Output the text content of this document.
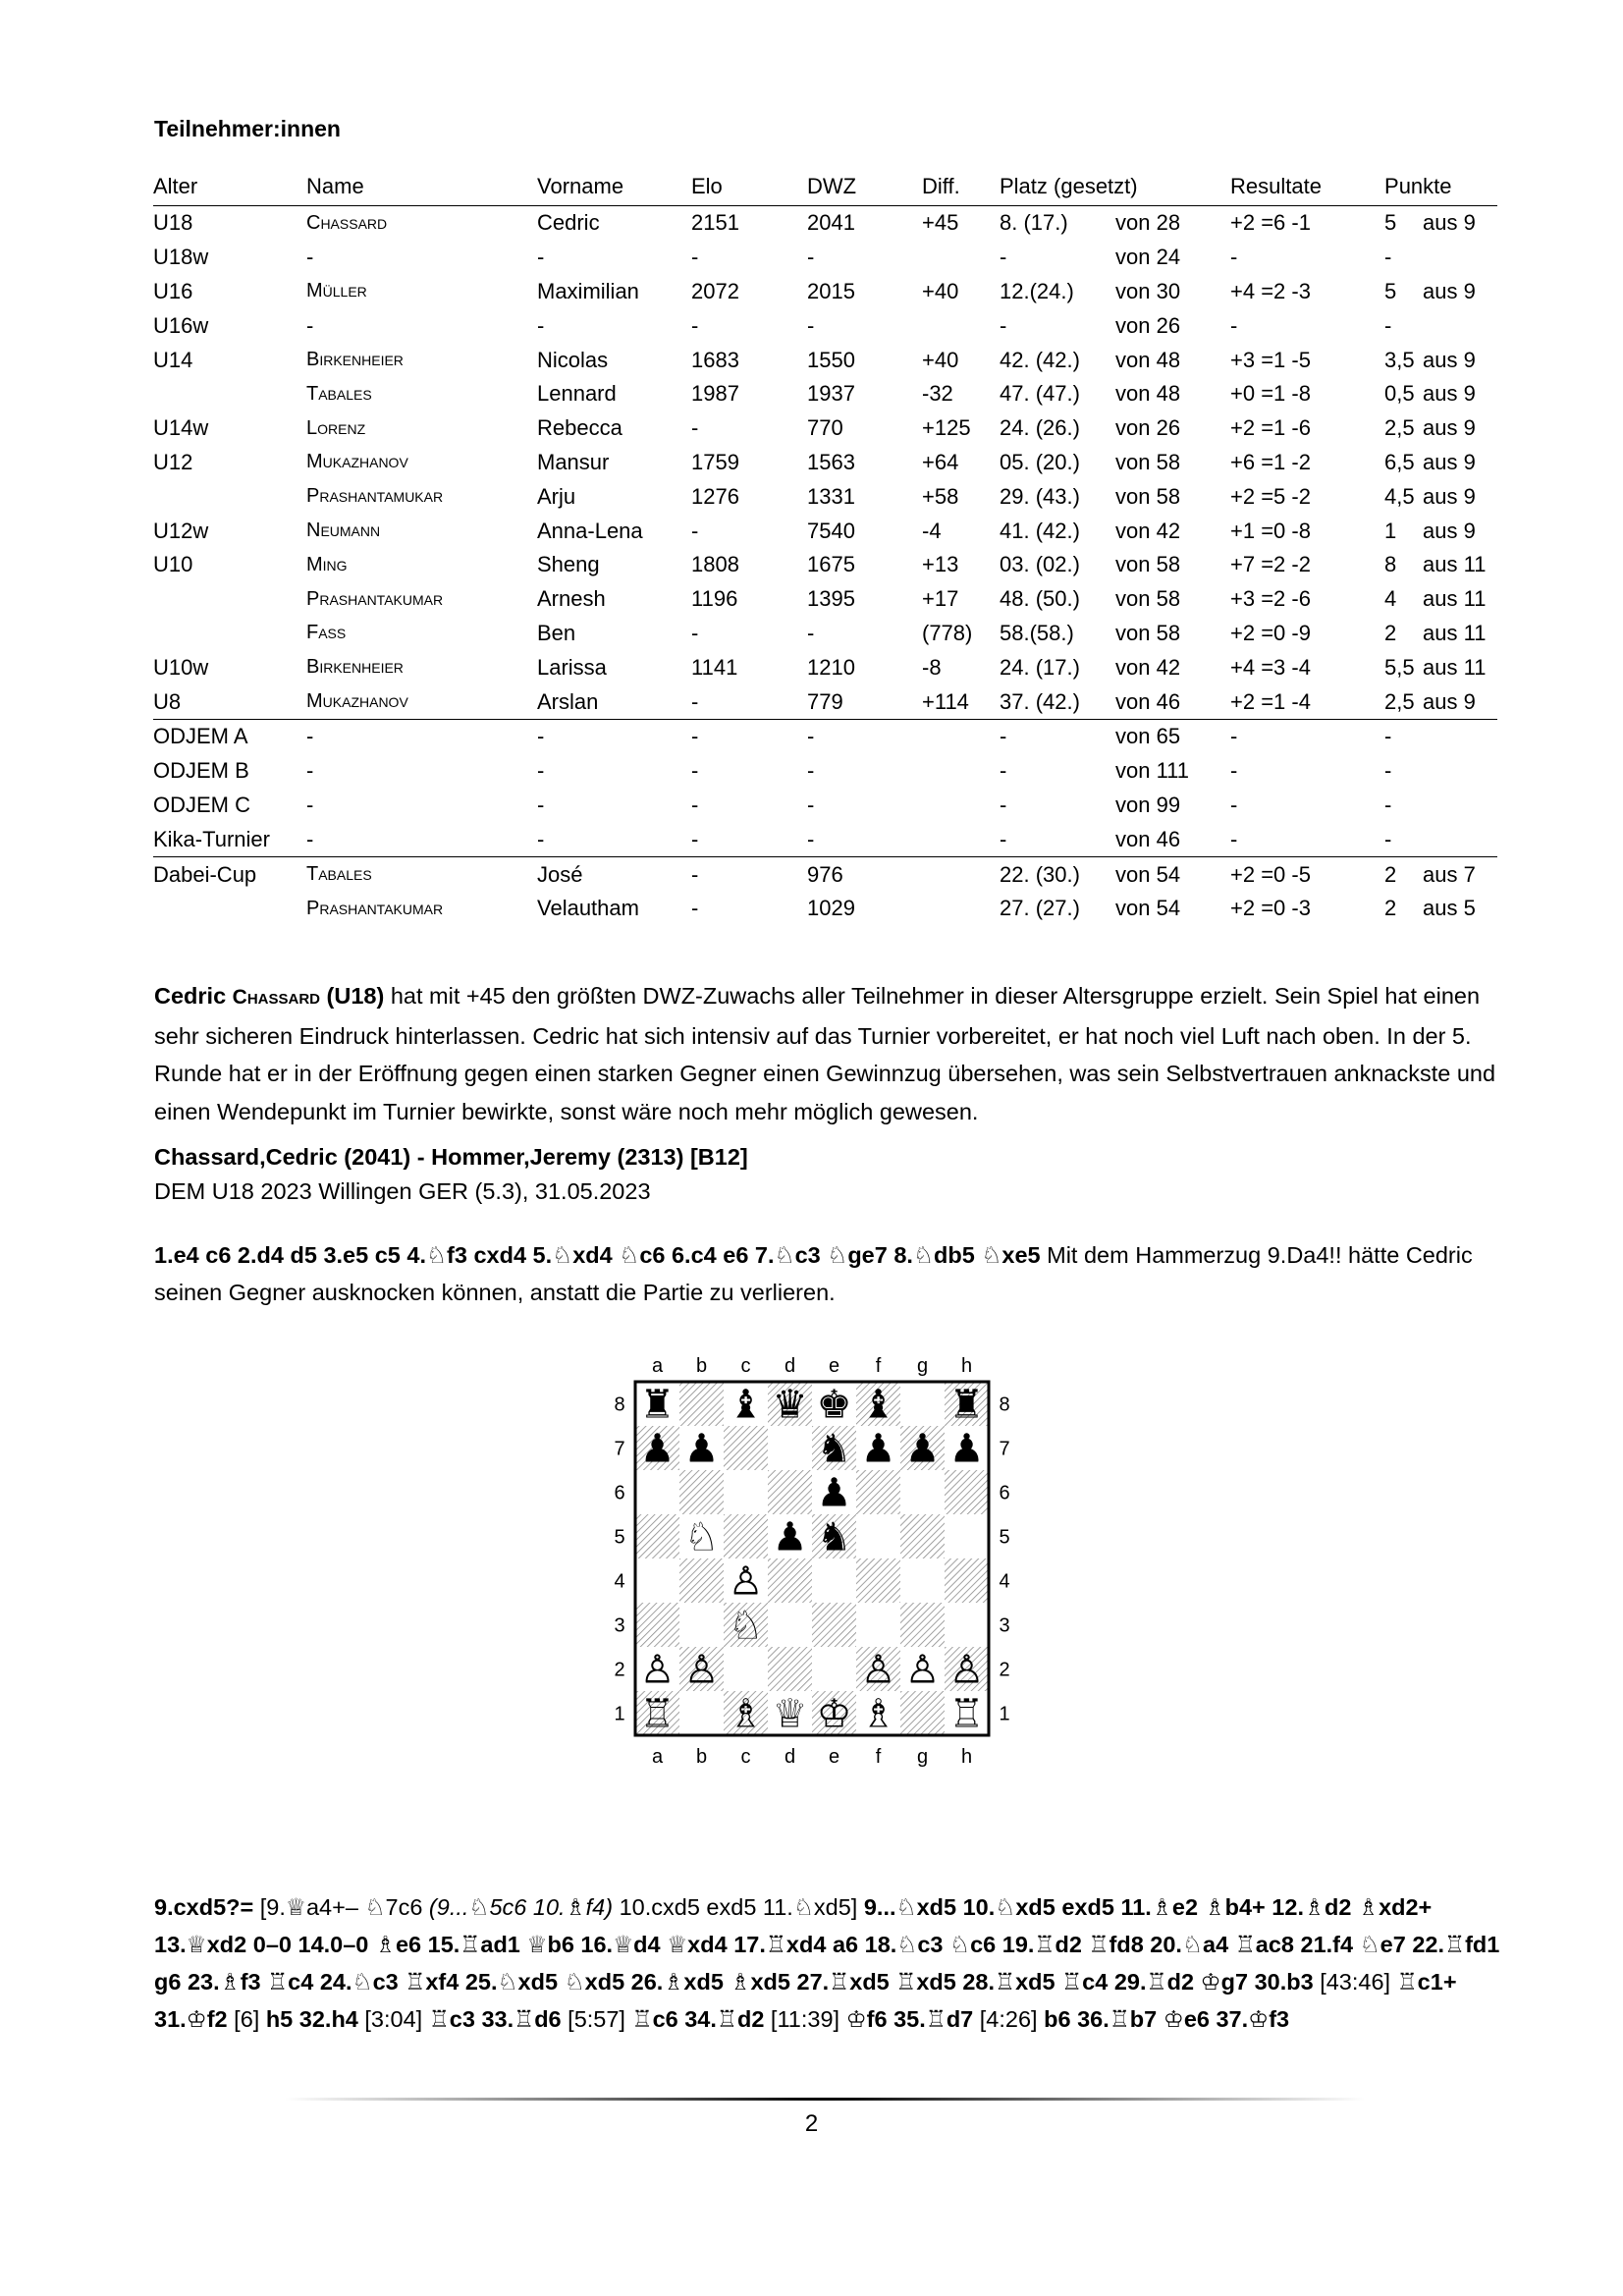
Teilnehmer:innen
Alter	Name	Vorname	Elo	DWZ	Diff.	Platz (gesetzt)		Resultate	Punkte	
U18	Chassard	Cedric	2151	2041	+45	8. (17.)	von 28	+2 =6 -1	5	aus 9
U18w	-	-	-	-		-	von 24	-	-	
U16	Müller	Maximilian	2072	2015	+40	12.(24.)	von 30	+4 =2 -3	5	aus 9
U16w	-	-	-	-		-	von 26	-	-	
U14	Birkenheier	Nicolas	1683	1550	+40	42. (42.)	von 48	+3 =1 -5	3,5	aus 9
	Tabales	Lennard	1987	1937	-32	47. (47.)	von 48	+0 =1 -8	0,5	aus 9
U14w	Lorenz	Rebecca	-	770	+125	24. (26.)	von 26	+2 =1 -6	2,5	aus 9
U12	Mukazhanov	Mansur	1759	1563	+64	05. (20.)	von 58	+6 =1 -2	6,5	aus 9
	Prashantamukar	Arju	1276	1331	+58	29. (43.)	von 58	+2 =5 -2	4,5	aus 9
U12w	Neumann	Anna-Lena	-	7540	-4	41. (42.)	von 42	+1 =0 -8	1	aus 9
U10	Ming	Sheng	1808	1675	+13	03. (02.)	von 58	+7 =2 -2	8	aus 11
	Prashantakumar	Arnesh	1196	1395	+17	48. (50.)	von 58	+3 =2 -6	4	aus 11
	Fass	Ben	-	-	(778)	58.(58.)	von 58	+2 =0 -9	2	aus 11
U10w	Birkenheier	Larissa	1141	1210	-8	24. (17.)	von 42	+4 =3 -4	5,5	aus 11
U8	Mukazhanov	Arslan	-	779	+114	37. (42.)	von 46	+2 =1 -4	2,5	aus 9
ODJEM A	-	-	-	-		-	von 65	-	-	
ODJEM B	-	-	-	-		-	von 111	-	-	
ODJEM C	-	-	-	-		-	von 99	-	-	
Kika-Turnier	-	-	-	-		-	von 46	-	-	
Dabei-Cup	Tabales	José	-	976		22. (30.)	von 54	+2 =0 -5	2	aus 7
	Prashantakumar	Velautham	-	1029		27. (27.)	von 54	+2 =0 -3	2	aus 5
Cedric Chassard (U18) hat mit +45 den größten DWZ-Zuwachs aller Teilnehmer in dieser Altersgruppe erzielt. Sein Spiel hat einen sehr sicheren Eindruck hinterlassen. Cedric hat sich intensiv auf das Turnier vorbereitet, er hat noch viel Luft nach oben. In der 5. Runde hat er in der Eröffnung gegen einen starken Gegner einen Gewinnzug übersehen, was sein Selbstvertrauen anknackste und einen Wendepunkt im Turnier bewirkte, sonst wäre noch mehr möglich gewesen.
Chassard,Cedric (2041) - Hommer,Jeremy (2313) [B12]
DEM U18 2023 Willingen GER (5.3), 31.05.2023
1.e4 c6 2.d4 d5 3.e5 c5 4.♘f3 cxd4 5.♘xd4 ♘c6 6.c4 e6 7.♘c3 ♘ge7 8.♘db5 ♘xe5 Mit dem Hammerzug 9.Da4!! hätte Cedric seinen Gegner ausknocken können, anstatt die Partie zu verlieren.
♜ ♝ ♛ ♚ ♝ ♜
♟ ♟ ♞ ♟ ♟ ♟
♟
♘ ♟ ♞
♙
♘
♙ ♙	♙ ♙ ♙
♖ ♗ ♕ ♔ ♗ ♖
a
a
b
b
c
c
d
d
e
e
f
f
g
g
h
h
8	8
7	7
6	6
5	5
4	4
3	3
2	2
1	1
9.cxd5?= [9.♕a4+– ♘7c6 (9...♘5c6 10.♗f4) 10.cxd5 exd5 11.♘xd5] 9...♘xd5 10.♘xd5 exd5 11.♗e2 ♗b4+ 12.♗d2 ♗xd2+ 13.♕xd2 0–0 14.0–0 ♗e6 15.♖ad1 ♕b6 16.♕d4 ♕xd4 17.♖xd4 a6 18.♘c3 ♘c6 19.♖d2 ♖fd8 20.♘a4 ♖ac8 21.f4 ♘e7 22.♖fd1 g6 23.♗f3 ♖c4 24.♘c3 ♖xf4 25.♘xd5 ♘xd5 26.♗xd5 ♗xd5 27.♖xd5 ♖xd5 28.♖xd5 ♖c4 29.♖d2 ♔g7 30.b3 [43:46] ♖c1+ 31.♔f2 [6] h5 32.h4 [3:04] ♖c3 33.♖d6 [5:57] ♖c6 34.♖d2 [11:39] ♔f6 35.♖d7 [4:26] b6 36.♖b7 ♔e6 37.♔f3
2
